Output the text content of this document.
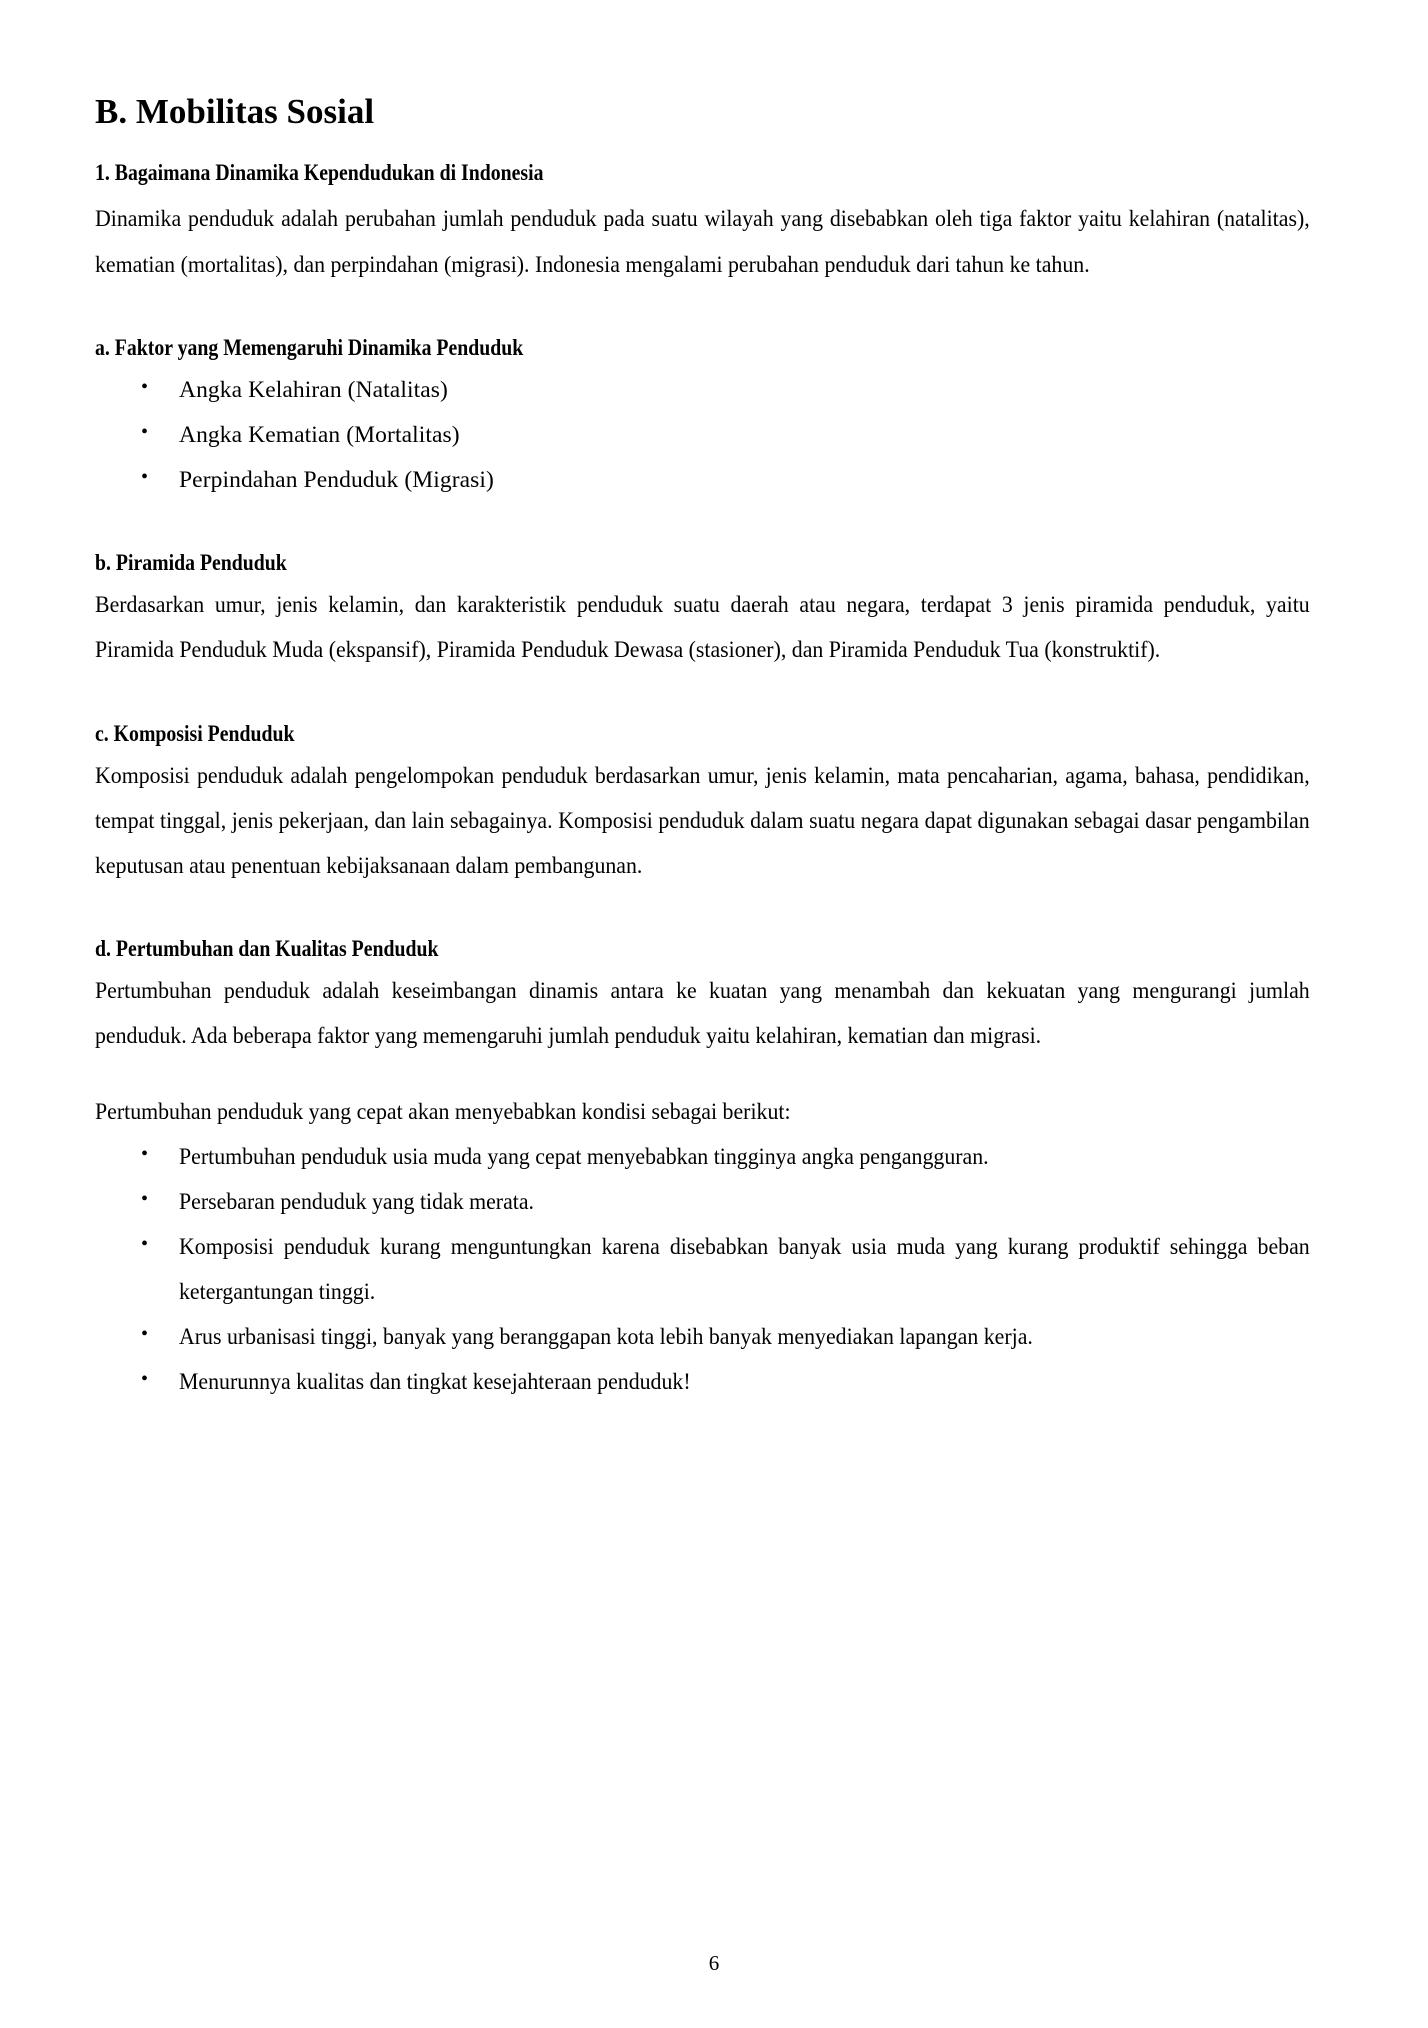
B. Mobilitas Sosial
1. Bagaimana Dinamika Kependudukan di Indonesia

Dinamika penduduk adalah perubahan jumlah penduduk pada suatu wilayah yang disebabkan oleh tiga faktor yaitu kelahiran (natalitas), kematian (mortalitas), dan perpindahan (migrasi). Indonesia mengalami perubahan penduduk dari tahun ke tahun.

a. Faktor yang Memengaruhi Dinamika Penduduk
• Angka Kelahiran (Natalitas)
• Angka Kematian (Mortalitas)
• Perpindahan Penduduk (Migrasi)
b. Piramida Penduduk

Berdasarkan umur, jenis kelamin, dan karakteristik penduduk suatu daerah atau negara, terdapat 3 jenis piramida penduduk, yaitu Piramida Penduduk Muda (ekspansif), Piramida Penduduk Dewasa (stasioner), dan Piramida Penduduk Tua (konstruktif).

c. Komposisi Penduduk

Komposisi penduduk adalah pengelompokan penduduk berdasarkan umur, jenis kelamin, mata pencaharian, agama, bahasa, pendidikan, tempat tinggal, jenis pekerjaan, dan lain sebagainya. Komposisi penduduk dalam suatu negara dapat digunakan sebagai dasar pengambilan keputusan atau penentuan kebijaksanaan dalam pembangunan.

d. Pertumbuhan dan Kualitas Penduduk

Pertumbuhan penduduk adalah keseimbangan dinamis antara ke kuatan yang menambah dan kekuatan yang mengurangi jumlah penduduk. Ada beberapa faktor yang memengaruhi jumlah penduduk yaitu kelahiran, kematian dan migrasi.

Pertumbuhan penduduk yang cepat akan menyebabkan kondisi sebagai berikut:

• Pertumbuhan penduduk usia muda yang cepat menyebabkan tingginya angka pengangguran.
• Persebaran penduduk yang tidak merata.
• Komposisi penduduk kurang menguntungkan karena disebabkan banyak usia muda yang kurang produktif sehingga beban ketergantungan tinggi.
• Arus urbanisasi tinggi, banyak yang beranggapan kota lebih banyak menyediakan lapangan kerja.
• Menurunnya kualitas dan tingkat kesejahteraan penduduk!
6
